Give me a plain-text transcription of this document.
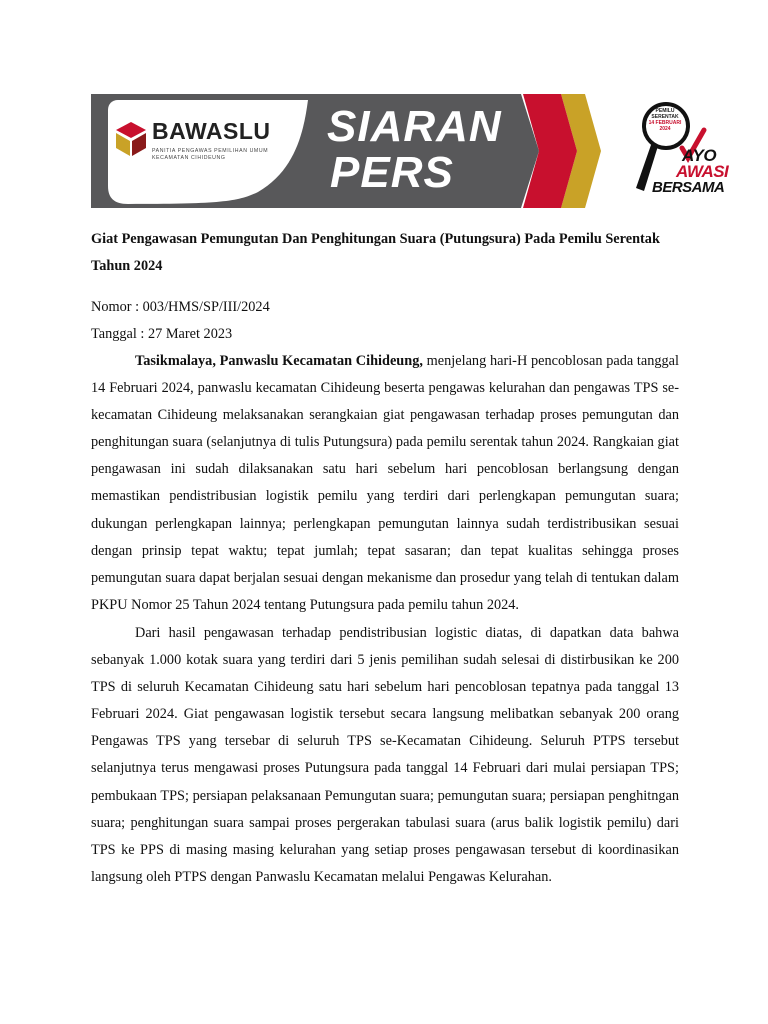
BAWASLU
PANITIA PENGAWAS PEMILIHAN UMUM KECAMATAN CIHIDEUNG
SIARAN
PERS
PEMILU
SERENTAK
14 FEBRUARI
2024
AYO
AWASI
BERSAMA

Giat Pengawasan Pemungutan Dan Penghitungan Suara (Putungsura) Pada Pemilu Serentak Tahun 2024

Nomor : 003/HMS/SP/III/2024
Tanggal : 27 Maret 2023

Tasikmalaya, Panwaslu Kecamatan Cihideung, menjelang hari-H pencoblosan pada tanggal 14 Februari 2024, panwaslu kecamatan Cihideung beserta pengawas kelurahan dan pengawas TPS se-kecamatan Cihideung melaksanakan serangkaian giat pengawasan terhadap proses pemungutan dan penghitungan suara (selanjutnya di tulis Putungsura) pada pemilu serentak tahun 2024. Rangkaian giat pengawasan ini sudah dilaksanakan satu hari sebelum hari pencoblosan berlangsung dengan memastikan pendistribusian logistik pemilu yang terdiri dari perlengkapan pemungutan suara; dukungan perlengkapan lainnya; perlengkapan pemungutan lainnya sudah terdistribusikan sesuai dengan prinsip tepat waktu; tepat jumlah; tepat sasaran; dan tepat kualitas sehingga proses pemungutan suara dapat berjalan sesuai dengan mekanisme dan prosedur yang telah di tentukan dalam PKPU Nomor 25 Tahun 2024 tentang Putungsura pada pemilu tahun 2024.

Dari hasil pengawasan terhadap pendistribusian logistic diatas, di dapatkan data bahwa sebanyak 1.000 kotak suara yang terdiri dari 5 jenis pemilihan sudah selesai di distirbusikan ke 200 TPS di seluruh Kecamatan Cihideung satu hari sebelum hari pencoblosan tepatnya pada tanggal 13 Februari 2024. Giat pengawasan logistik tersebut secara langsung melibatkan sebanyak 200 orang Pengawas TPS yang tersebar di seluruh TPS se-Kecamatan Cihideung. Seluruh PTPS tersebut selanjutnya terus mengawasi proses Putungsura pada tanggal 14 Februari dari mulai persiapan TPS; pembukaan TPS; persiapan pelaksanaan Pemungutan suara; pemungutan suara; persiapan penghitngan suara; penghitungan suara sampai proses pergerakan tabulasi suara (arus balik logistik pemilu) dari TPS ke PPS di masing masing kelurahan yang setiap proses pengawasan tersebut di koordinasikan langsung oleh PTPS dengan Panwaslu Kecamatan melalui Pengawas Kelurahan.
